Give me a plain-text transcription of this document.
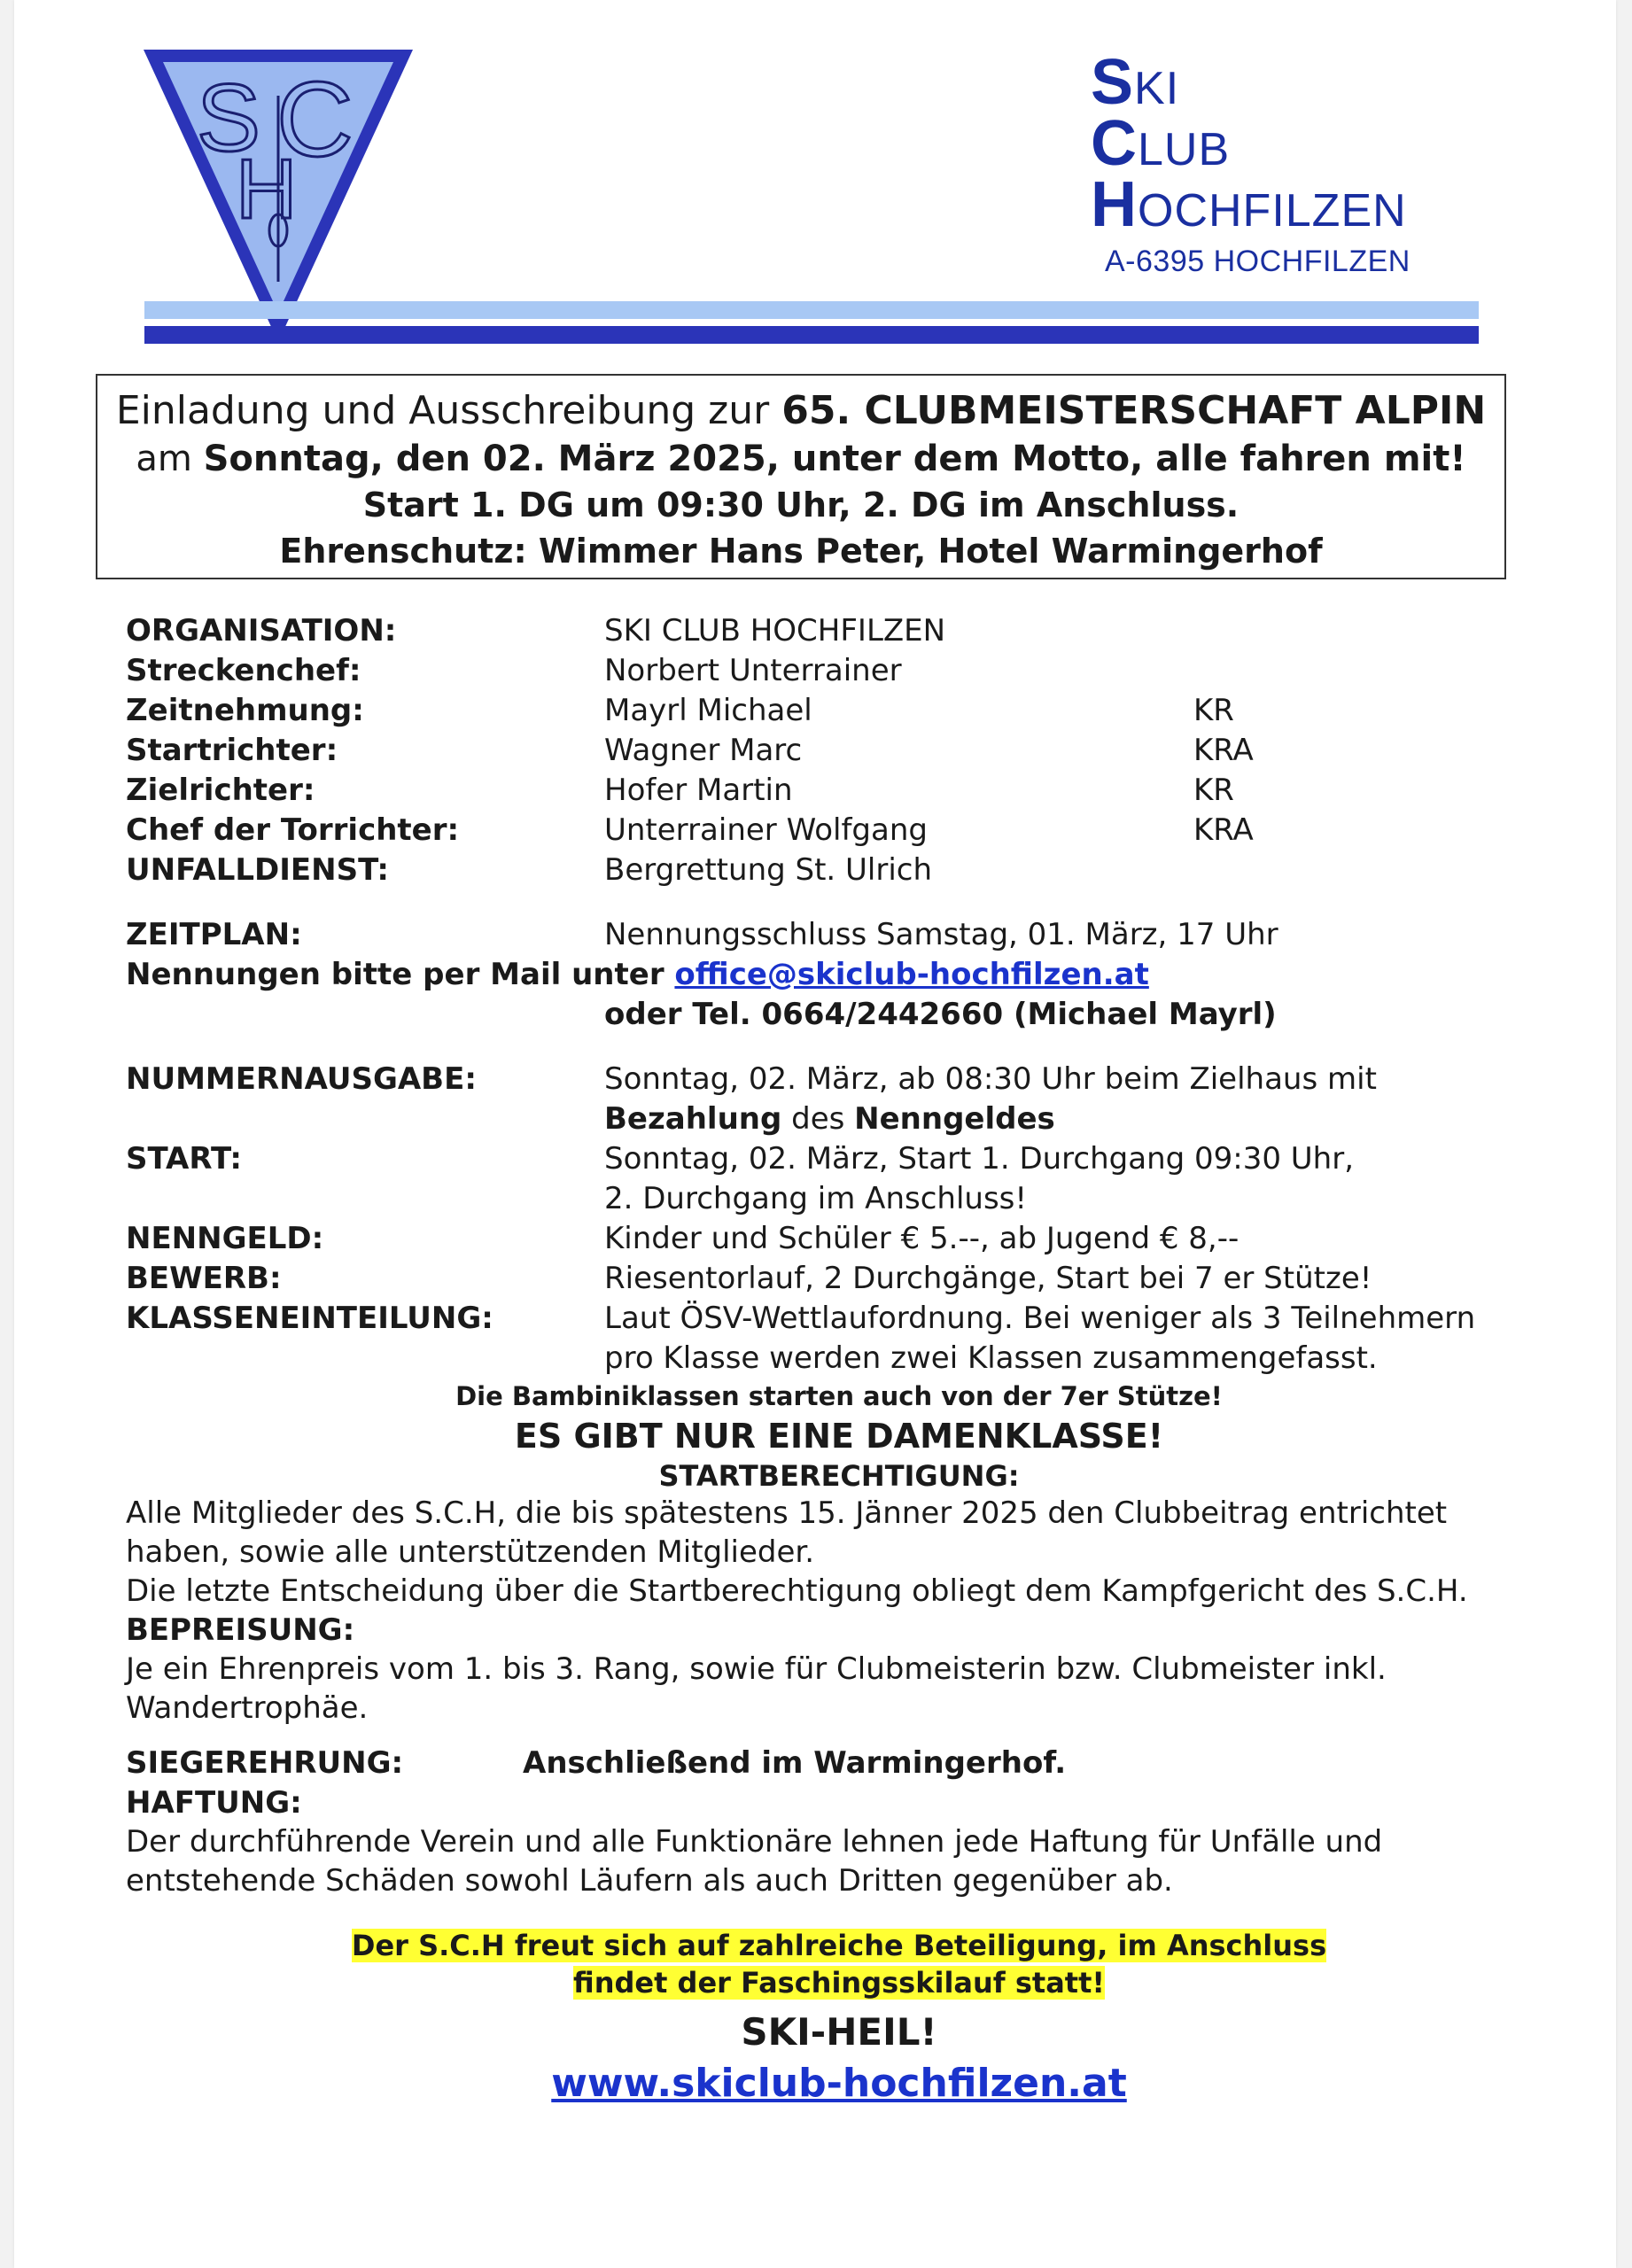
S C
H
SKI
CLUB
HOCHFILZEN
A-6395 HOCHFILZEN
Einladung und Ausschreibung zur 65. CLUBMEISTERSCHAFT ALPIN
am Sonntag, den 02. März 2025, unter dem Motto, alle fahren mit!
Start 1. DG um 09:30 Uhr, 2. DG im Anschluss.
Ehrenschutz: Wimmer Hans Peter, Hotel Warmingerhof
ORGANISATION:	SKI CLUB HOCHFILZEN
Streckenchef:	Norbert Unterrainer
Zeitnehmung:	Mayrl Michael	KR
Startrichter:	Wagner Marc	KRA
Zielrichter:	Hofer Martin	KR
Chef der Torrichter:	Unterrainer Wolfgang	KRA
UNFALLDIENST:	Bergrettung St. Ulrich
ZEITPLAN:	Nennungsschluss Samstag, 01. März, 17 Uhr
Nennungen bitte per Mail unter office@skiclub-hochfilzen.at
oder Tel. 0664/2442660 (Michael Mayrl)
NUMMERNAUSGABE:	Sonntag, 02. März, ab 08:30 Uhr beim Zielhaus mit
Bezahlung des Nenngeldes
START:	Sonntag, 02. März, Start 1. Durchgang 09:30 Uhr,
2. Durchgang im Anschluss!
NENNGELD:	Kinder und Schüler € 5.--, ab Jugend € 8,--
BEWERB:	Riesentorlauf, 2 Durchgänge, Start bei 7 er Stütze!
KLASSENEINTEILUNG:	Laut ÖSV-Wettlaufordnung. Bei weniger als 3 Teilnehmern
pro Klasse werden zwei Klassen zusammengefasst.
Die Bambiniklassen starten auch von der 7er Stütze!
ES GIBT NUR EINE DAMENKLASSE!
STARTBERECHTIGUNG:
Alle Mitglieder des S.C.H, die bis spätestens 15. Jänner 2025 den Clubbeitrag entrichtet
haben, sowie alle unterstützenden Mitglieder.
Die letzte Entscheidung über die Startberechtigung obliegt dem Kampfgericht des S.C.H.
BEPREISUNG:
Je ein Ehrenpreis vom 1. bis 3. Rang, sowie für Clubmeisterin bzw. Clubmeister inkl.
Wandertrophäe.
SIEGEREHRUNG:	Anschließend im Warmingerhof.
HAFTUNG:
Der durchführende Verein und alle Funktionäre lehnen jede Haftung für Unfälle und
entstehende Schäden sowohl Läufern als auch Dritten gegenüber ab.
Der S.C.H freut sich auf zahlreiche Beteiligung, im Anschluss
findet der Faschingsskilauf statt!
SKI-HEIL!
www.skiclub-hochfilzen.at
